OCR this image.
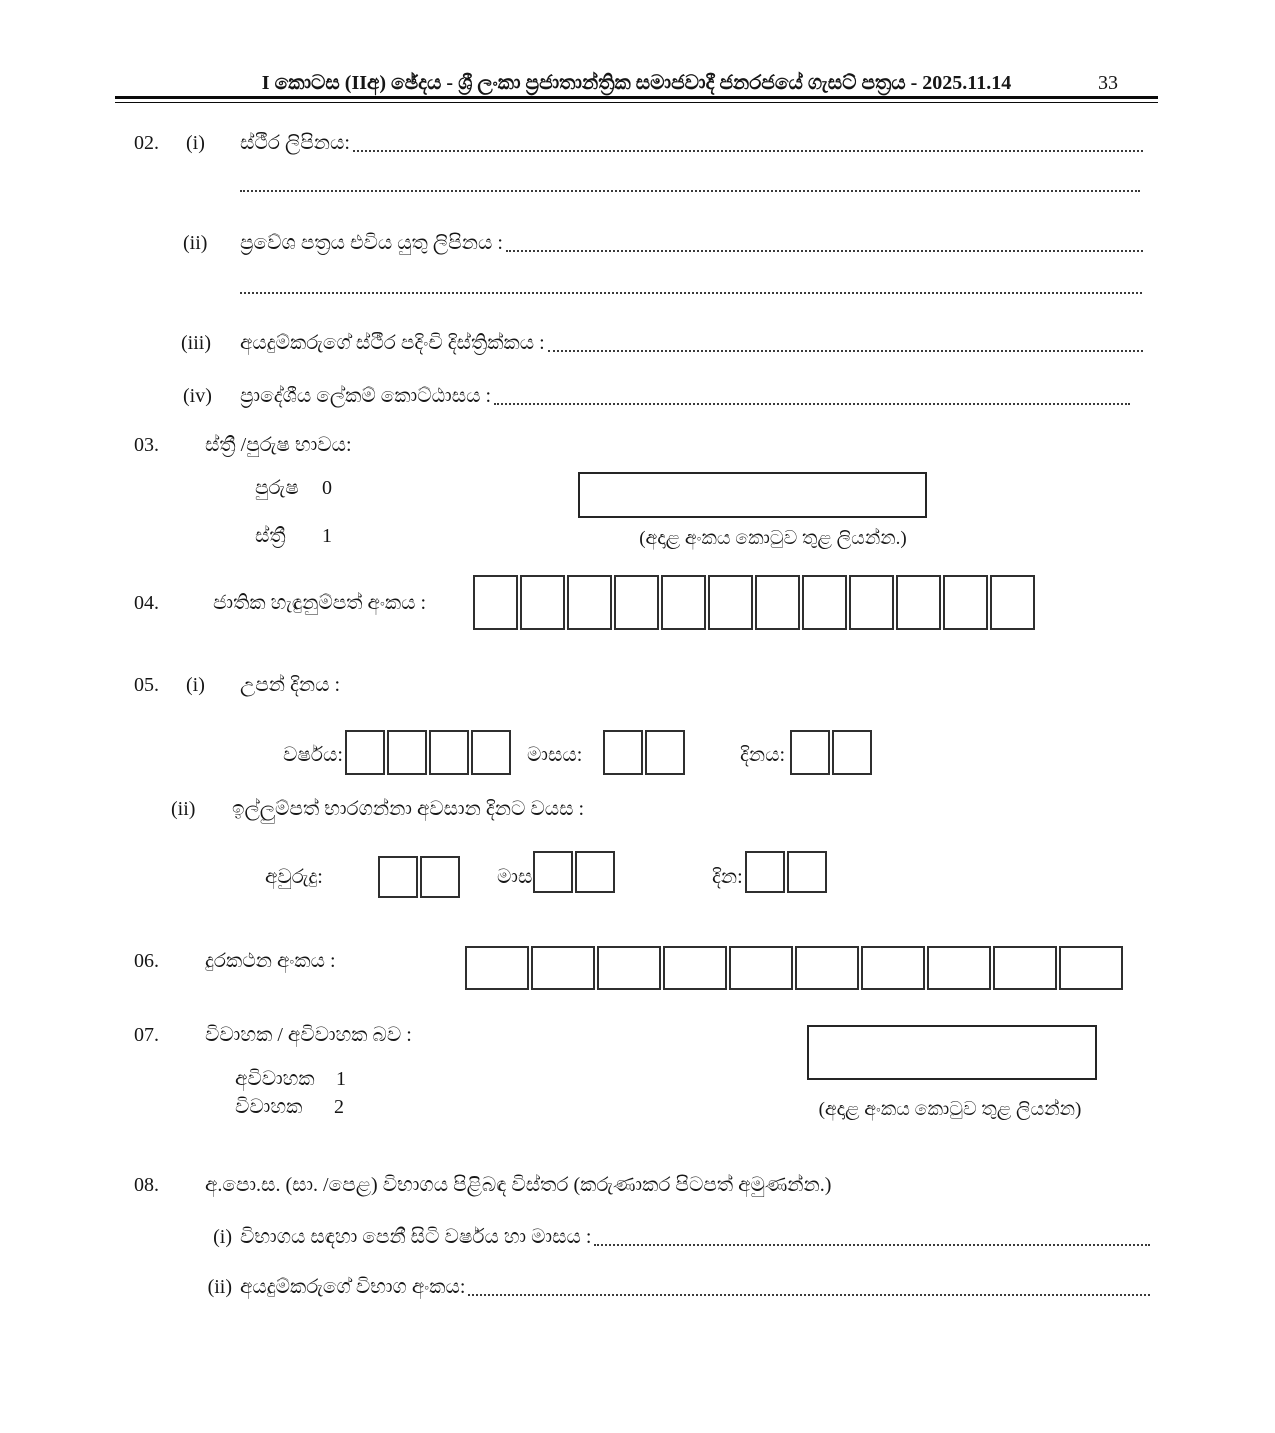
I කොටස (IIඅ) ඡේදය - ශ්‍රී ලංකා ප්‍රජාතාන්ත්‍රික සමාජවාදී ජනරජයේ ගැසට් පත්‍රය - 2025.11.14	33
02. (i) ස්ථීර ලිපිනය:
(ii) ප්‍රවේශ පත්‍රය එවිය යුතු ලිපිනය :
(iii) අයදුම්කරුගේ ස්ථීර පදිංචි දිස්ත්‍රික්කය :
(iv) ප්‍රාදේශීය ලේකම් කොට්ඨාසය :
03. ස්ත්‍රී /පුරුෂ භාවය:
පුරුෂ 0
ස්ත්‍රී 1	(අදාළ අංකය කොටුව තුළ ලියන්න.)
04.	ජාතික හැඳුනුම්පත් අංකය :
05. (i) උපන් දිනය :
වර්ෂය:	මාසය:	දිනය:
(ii) ඉල්ලුම්පත් භාරගන්නා අවසාන දිනට වයස :
අවුරුදු:	මාස	දින:
06. දුරකථන අංකය :
07. විවාහක / අවිවාහක බව :
අවිවාහක 1
විවාහක 2	(අදාළ අංකය කොටුව තුළ ලියන්න)
08. අ.පො.ස. (සා. /පෙළ) විභාගය පිළිබඳ විස්තර (කරුණාකර පිටපත් අමුණන්න.)
(i) විභාගය සඳහා පෙනී සිටි වර්ෂය හා මාසය :
(ii) අයදුම්කරුගේ විභාග අංකය:
